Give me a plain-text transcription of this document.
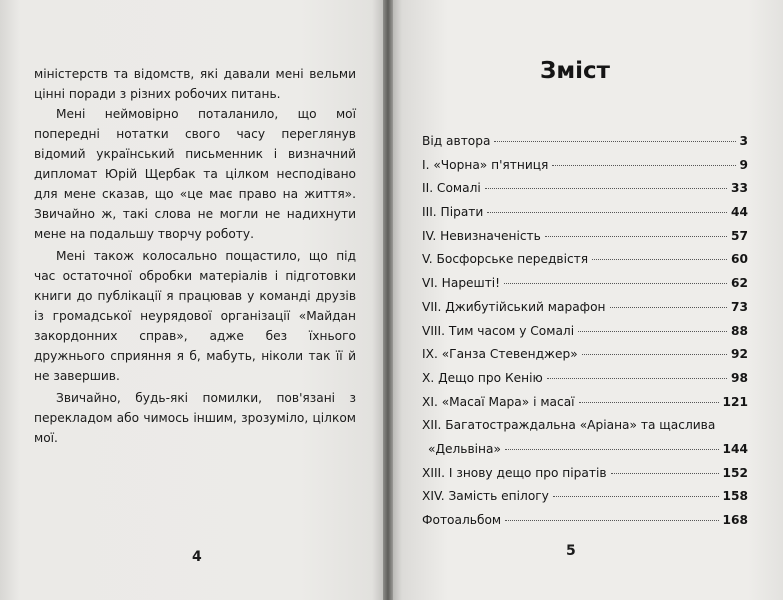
міністерств та відомств, які давали мені вельми цінні поради з різних робочих питань.

Мені неймовірно поталанило, що мої попередні нотатки свого часу переглянув відомий український письменник і визначний дипломат Юрій Щербак та цілком несподівано для мене сказав, що «це має право на життя». Звичайно ж, такі слова не могли не надихнути мене на подальшу творчу роботу.

Мені також колосально пощастило, що під час остаточної обробки матеріалів і підготовки книги до публікації я працював у команді друзів із громадської неурядової організації «Майдан закордонних справ», адже без їхнього дружнього сприяння я б, мабуть, ніколи так її й не завершив.

Звичайно, будь-які помилки, пов'язані з перекладом або чимось іншим, зрозуміло, цілком мої.

4
Зміст
Від автора	3
I. «Чорна» п'ятниця	9
II. Сомалі	33
III. Пірати	44
IV. Невизначеність	57
V. Босфорське передвістя	60
VI. Нарешті!	62
VII. Джибутійський марафон	73
VIII. Тим часом у Сомалі	88
IX. «Ганза Стевенджер»	92
X. Дещо про Кенію	98
XI. «Масаї Мара» і масаї	121
XII. Багатостраждальна «Аріана» та щаслива
«Дельвіна»	144
XIII. І знову дещо про піратів	152
XIV. Замість епілогу	158
Фотоальбом	168
5
